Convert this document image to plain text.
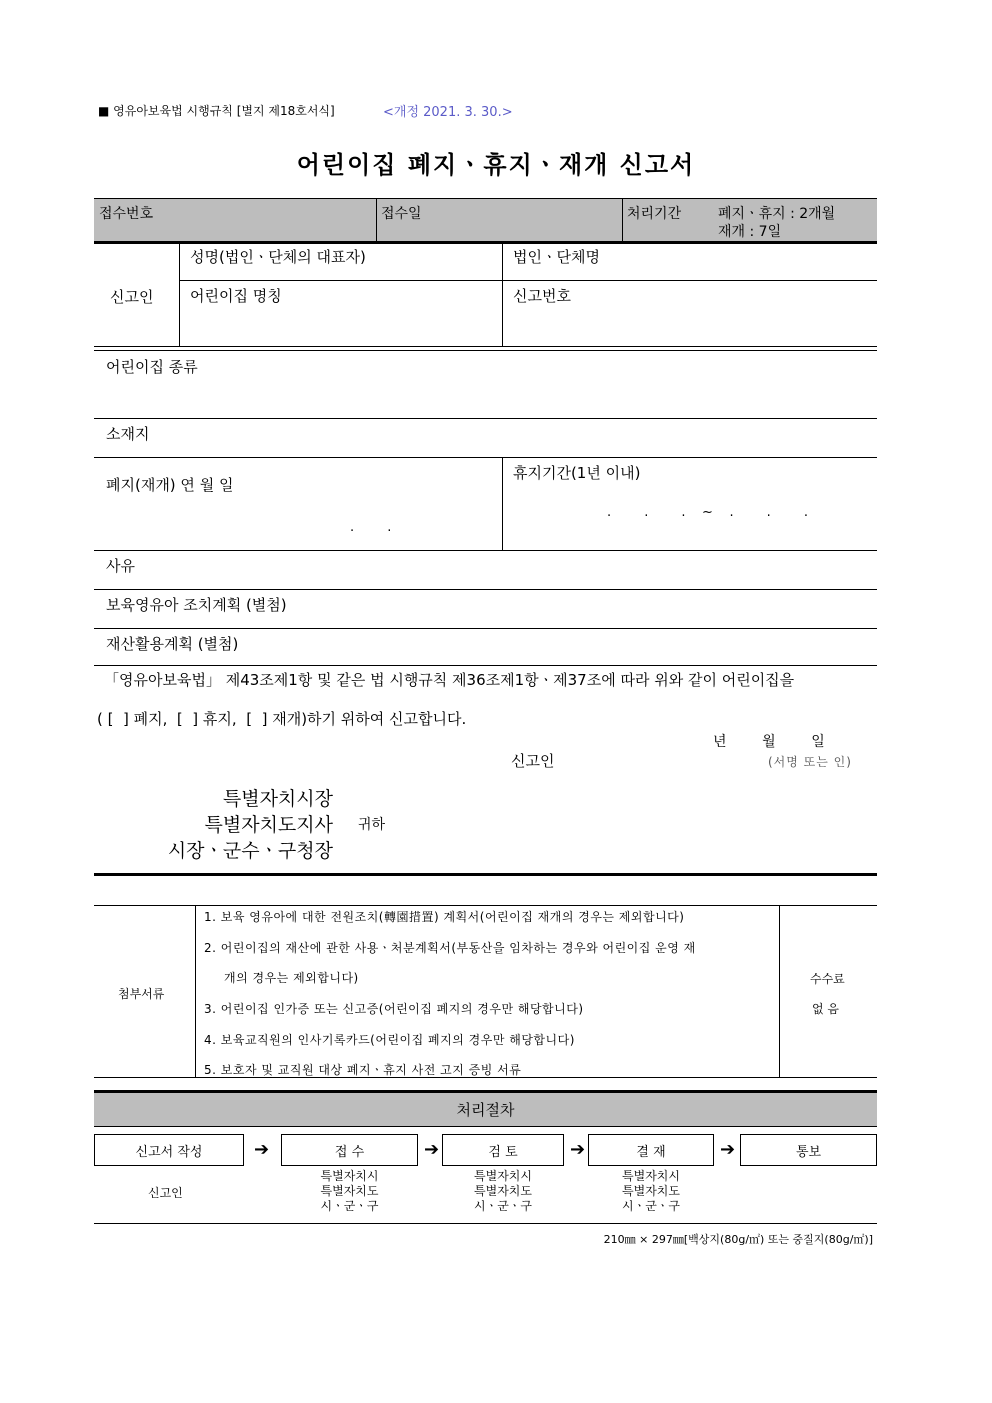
■ 영유아보육법 시행규칙 [별지 제18호서식]	<개정 2021. 3. 30.>
어린이집 폐지ㆍ휴지ㆍ재개 신고서
접수번호	접수일	처리기간	폐지ㆍ휴지 : 2개월
재개 : 7일
신고인
성명(법인ㆍ단체의 대표자)	법인ㆍ단체명
어린이집 명칭	신고번호
어린이집 종류
소재지
폐지(재개) 연 월 일
.        .
휴지기간(1년 이내)
.        .        .    ~    .        .        .
사유
보육영유아 조치계획 (별첨)
재산활용계획 (별첨)
「영유아보육법」 제43조제1항 및 같은 법 시행규칙 제36조제1항ㆍ제37조에 따라 위와 같이 어린이집을
( [  ] 폐지,  [  ] 휴지,  [  ] 재개)하기 위하여 신고합니다.
년        월        일
신고인	(서명 또는 인)
특별자치시장
특별자치도지사
시장ㆍ군수ㆍ구청장
귀하
첨부서류
1. 보육 영유아에 대한 전원조치(轉園措置) 계획서(어린이집 재개의 경우는 제외합니다)
2. 어린이집의 재산에 관한 사용ㆍ처분계획서(부동산을 임차하는 경우와 어린이집 운영 재
개의 경우는 제외합니다)
3. 어린이집 인가증 또는 신고증(어린이집 폐지의 경우만 해당합니다)
4. 보육교직원의 인사기록카드(어린이집 폐지의 경우만 해당합니다)
5. 보호자 및 교직원 대상 폐지ㆍ휴지 사전 고지 증빙 서류
수수료
없 음
처리절차
신고서 작성	➔	접 수	➔	검 토	➔	결 재	➔	통보
신고인
특별자치시
특별자치도
시ㆍ군ㆍ구
특별자치시
특별자치도
시ㆍ군ㆍ구
특별자치시
특별자치도
시ㆍ군ㆍ구
210㎜ × 297㎜[백상지(80g/㎡) 또는 중질지(80g/㎡)]
